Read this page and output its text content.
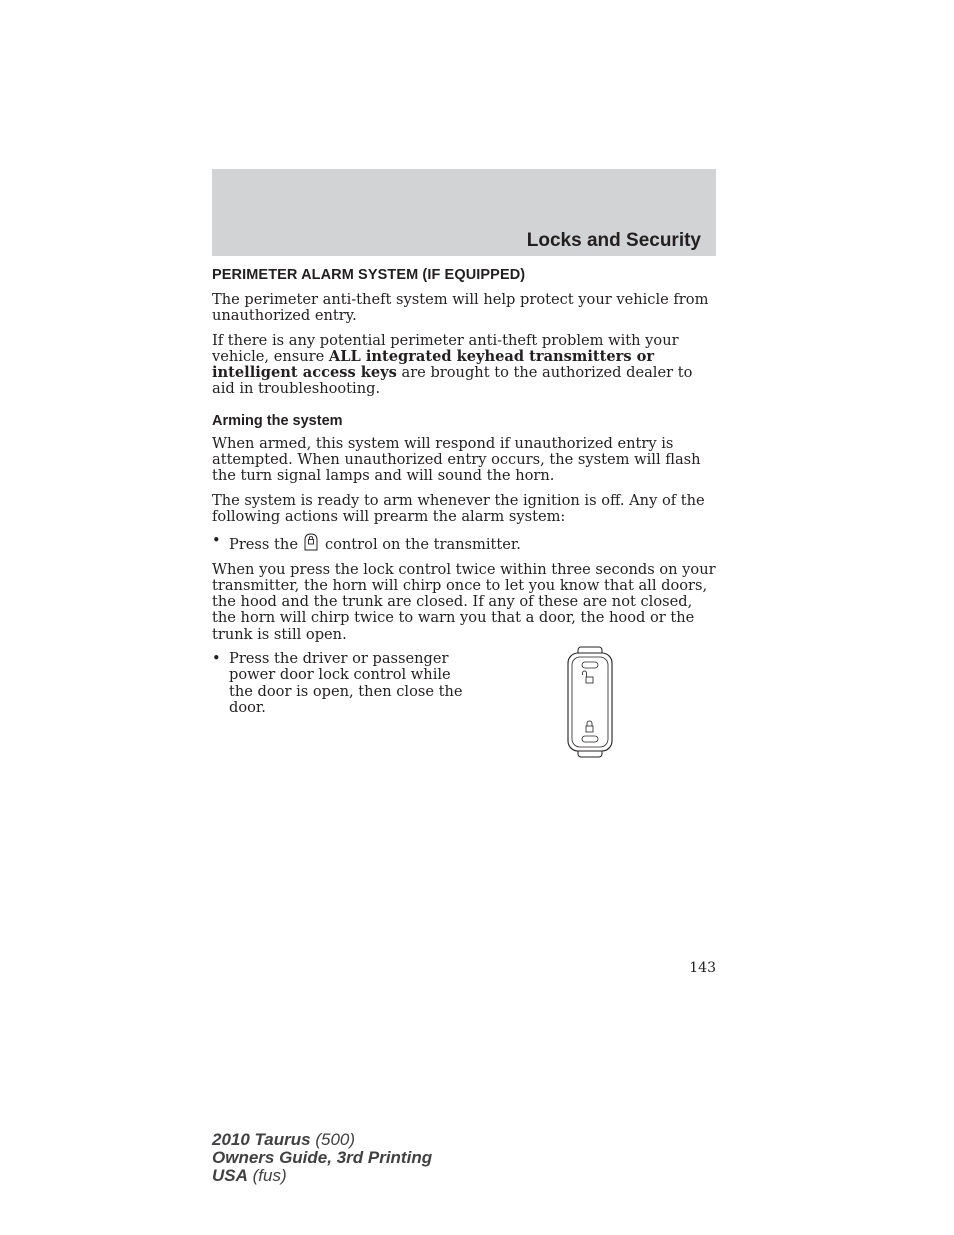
Locks and Security
PERIMETER ALARM SYSTEM (IF EQUIPPED)

The perimeter anti-theft system will help protect your vehicle from unauthorized entry.

If there is any potential perimeter anti-theft problem with your vehicle, ensure ALL integrated keyhead transmitters or intelligent access keys are brought to the authorized dealer to aid in troubleshooting.

Arming the system

When armed, this system will respond if unauthorized entry is attempted. When unauthorized entry occurs, the system will flash the turn signal lamps and will sound the horn.

The system is ready to arm whenever the ignition is off. Any of the following actions will prearm the alarm system:

• Press the control on the transmitter.

When you press the lock control twice within three seconds on your transmitter, the horn will chirp once to let you know that all doors, the hood and the trunk are closed. If any of these are not closed, the horn will chirp twice to warn you that a door, the hood or the trunk is still open.

• Press the driver or passenger power door lock control while the door is open, then close the door.
143
2010 Taurus (500)
Owners Guide, 3rd Printing
USA (fus)
